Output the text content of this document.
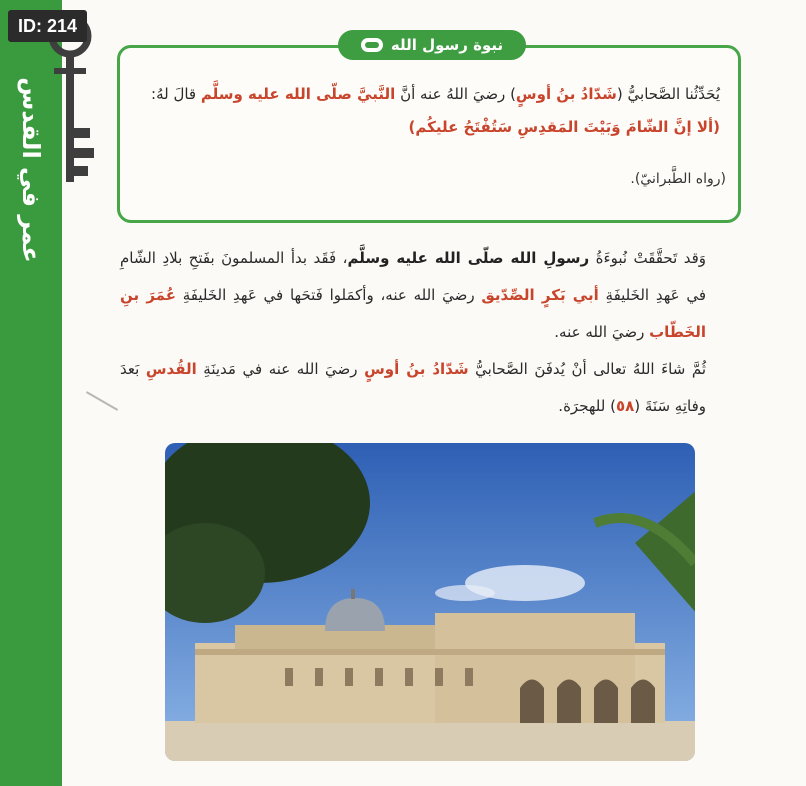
عمر في القدس
ID: 214
نبوة رسول الله
يُحَدِّثُنا الصَّحابيُّ (شَدّادُ بنُ أوسٍ) رضيَ اللهُ عنه أنَّ النَّبيَّ صلّى الله عليه وسلَّم قالَ لهُ: (ألا إنَّ الشّامَ وَبَيْتَ المَقدِسِ سَتُفْتَحُ عليكُم)
(رواه الطَّبرانيّ).
وَقد تَحقَّقَتْ نُبوءَةُ رسولِ الله صلّى الله عليه وسلَّم، فَقَد بدأ المسلمونَ بفَتحِ بلادِ الشّامِ في عَهدِ الخَليفَةِ أبي بَكرٍ الصِّدّيق رضيَ الله عنه، وأكمَلوا فَتحَها في عَهدِ الخَليفَةِ عُمَرَ بنِ الخَطّاب رضيَ الله عنه.
ثُمَّ شاءَ اللهُ تعالى أنْ يُدفَنَ الصَّحابيُّ شَدّادُ بنُ أوسٍ رضيَ الله عنه في مَدينَةِ القُدسِ بَعدَ وفاتِهِ سَنَةَ (٥٨) للهجرَة.
